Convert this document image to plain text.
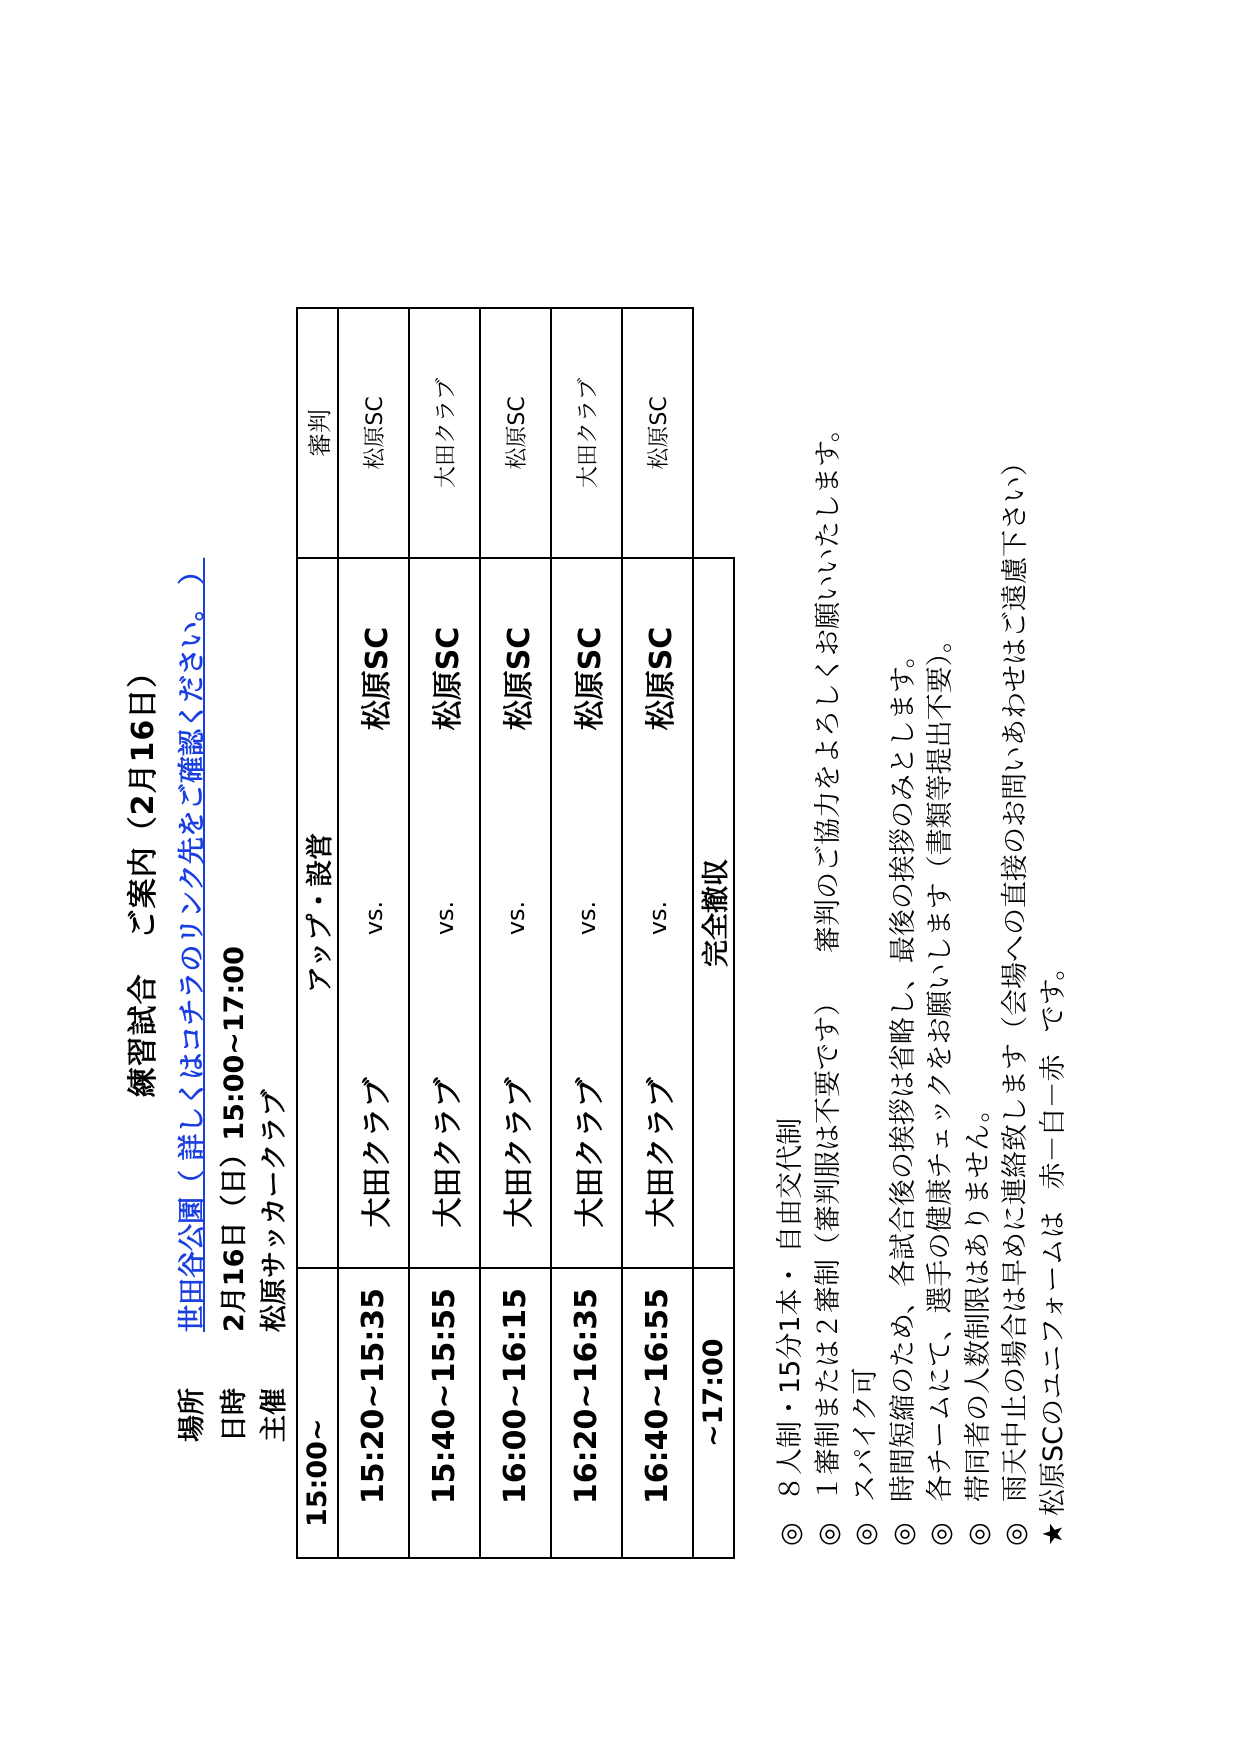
練習試合ご案内（2月16日）
場所世田谷公園（ 詳しくはコチラのリンク先をご確認ください。 ）
日時2月16日（日）15:00~17:00
主催松原サッカークラブ
15:00~	アップ・設営			審判
15:20~15:35	大田クラブ	vs.	松原SC	松原SC
15:40~15:55	大田クラブ	vs.	松原SC	大田クラブ
16:00~16:15	大田クラブ	vs.	松原SC	松原SC
16:20~16:35	大田クラブ	vs.	松原SC	大田クラブ
16:40~16:55	大田クラブ	vs.	松原SC	松原SC
~17:00	完全撤収			
◎８人制・15分1本・ 自由交代制
◎１審制または２審制（審判服は不要です）審判のご協力をよろしくお願いいたします。
◎スパイク可
◎時間短縮のため、各試合後の挨拶は省略し、最後の挨拶のみとします。
◎各チームにて、選手の健康チェックをお願いします（書類等提出不要）。
◎帯同者の人数制限はありません。
◎雨天中止の場合は早めに連絡致します（会場への直接のお問いあわせはご遠慮下さい）
★松原SCのユニフォームは赤－白－赤です。
